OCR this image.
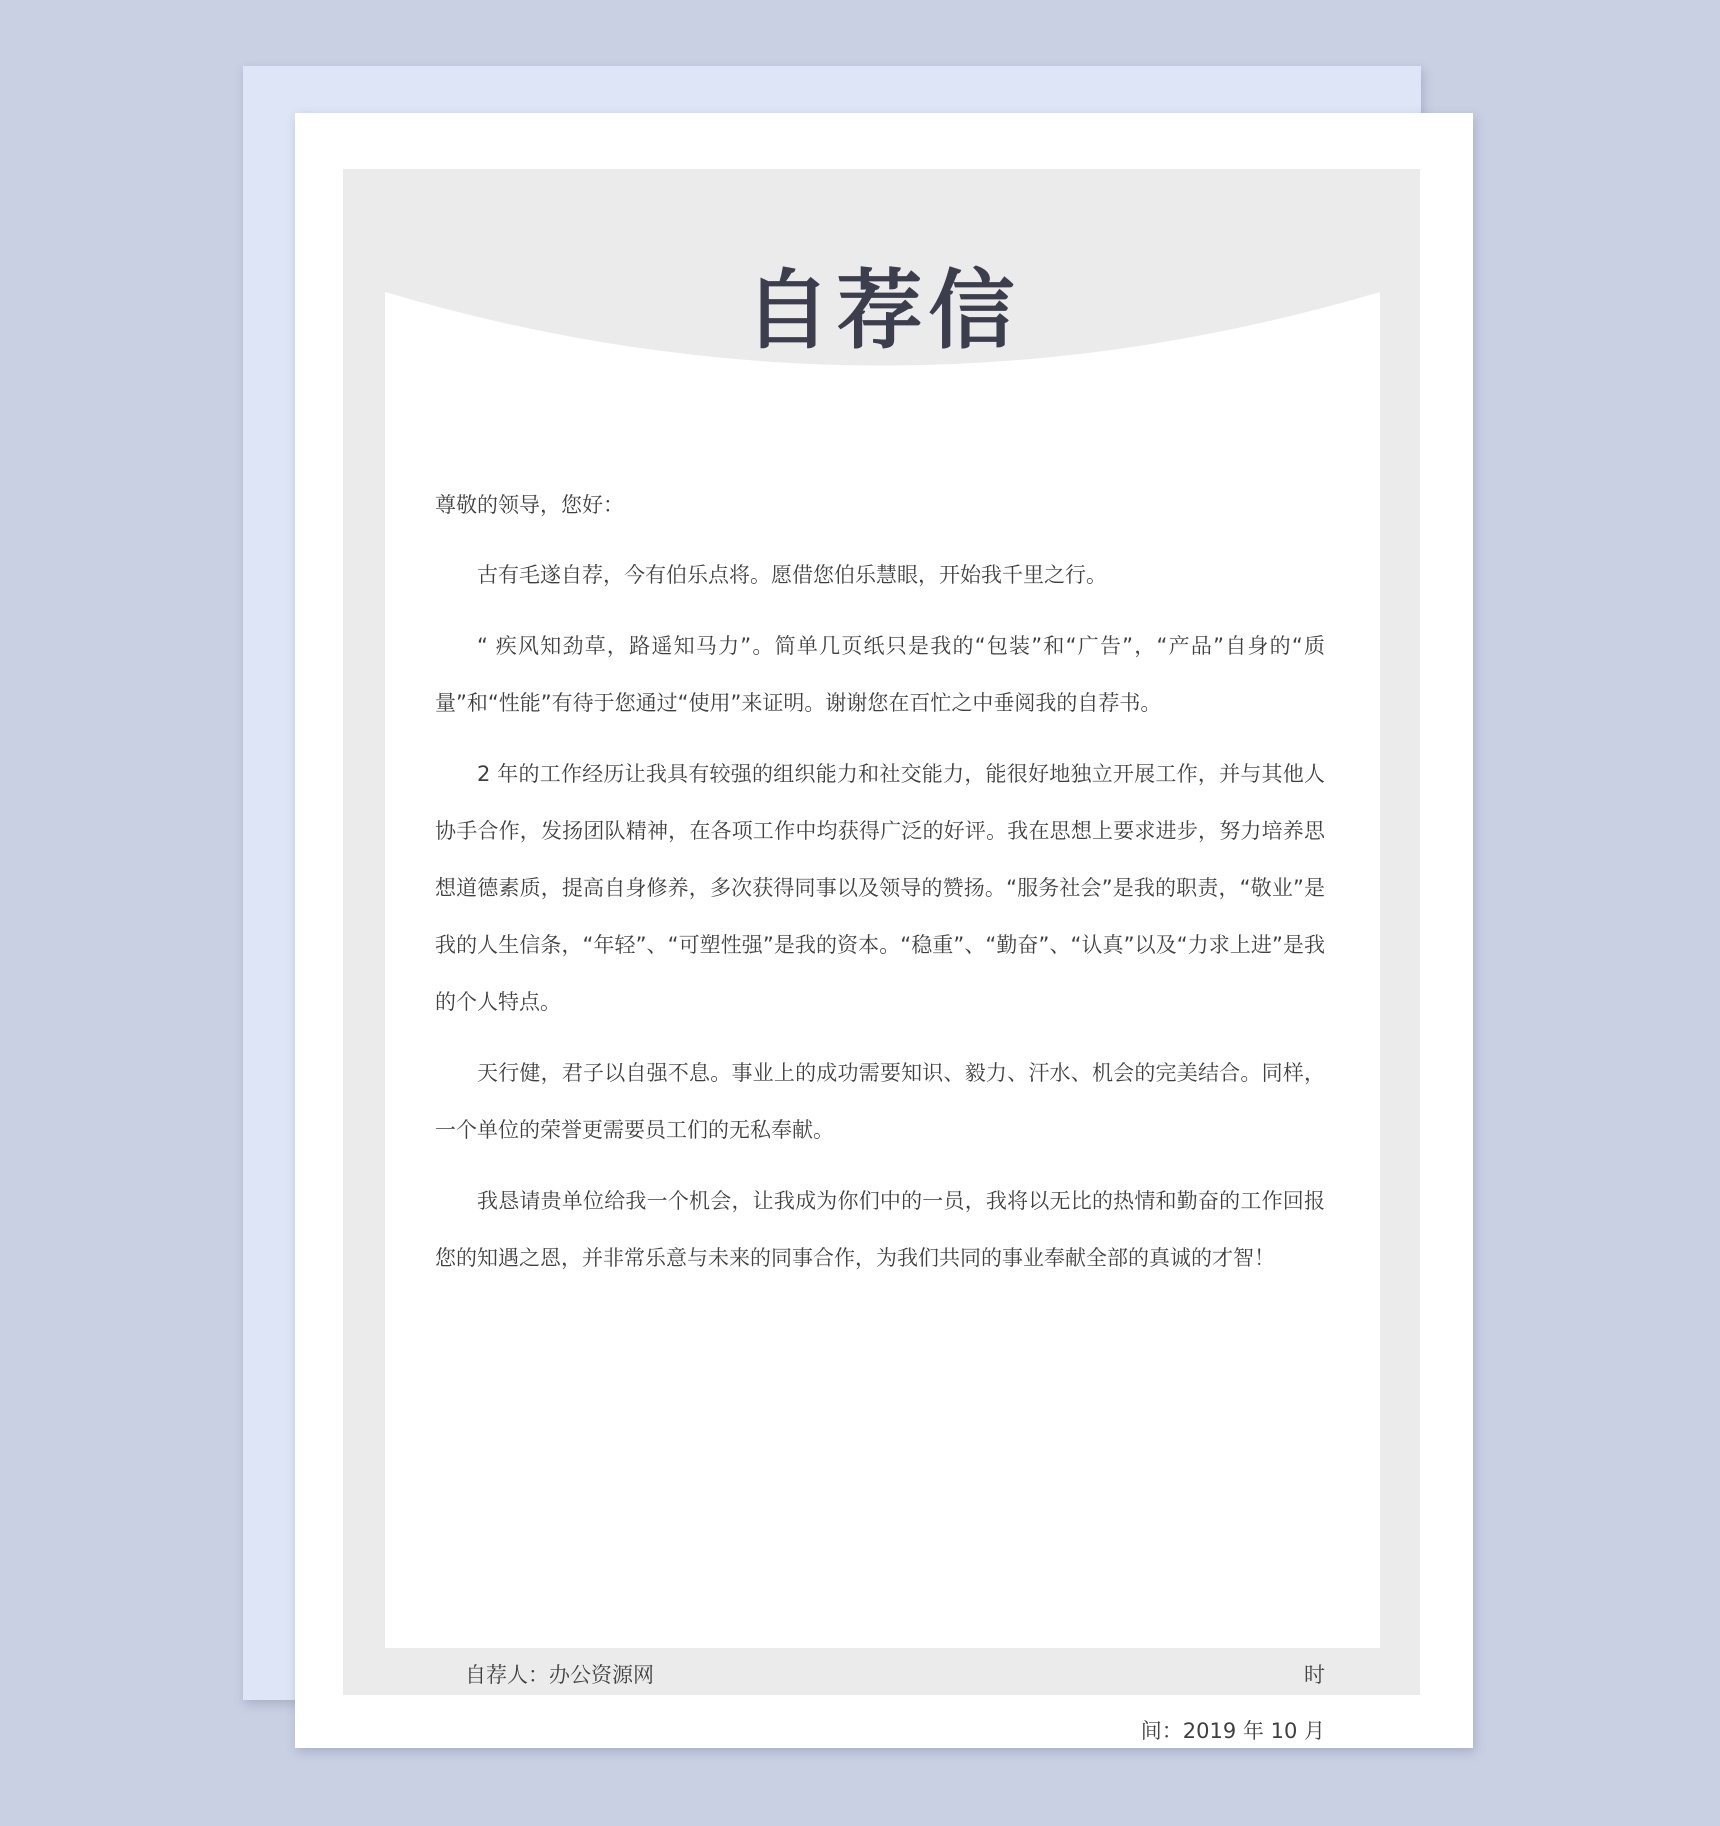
自荐信

尊敬的领导，您好：

古有毛遂自荐，今有伯乐点将。愿借您伯乐慧眼，开始我千里之行。

“ 疾风知劲草，路遥知马力”。简单几页纸只是我的“包装”和“广告”，“产品”自身的“质量”和“性能”有待于您通过“使用”来证明。谢谢您在百忙之中垂阅我的自荐书。

2 年的工作经历让我具有较强的组织能力和社交能力，能很好地独立开展工作，并与其他人协手合作，发扬团队精神，在各项工作中均获得广泛的好评。我在思想上要求进步，努力培养思想道德素质，提高自身修养，多次获得同事以及领导的赞扬。“服务社会”是我的职责，“敬业”是我的人生信条，“年轻”、“可塑性强”是我的资本。“稳重”、“勤奋”、“认真”以及“力求上进”是我的个人特点。

天行健，君子以自强不息。事业上的成功需要知识、毅力、汗水、机会的完美结合。同样，一个单位的荣誉更需要员工们的无私奉献。

我恳请贵单位给我一个机会，让我成为你们中的一员，我将以无比的热情和勤奋的工作回报您的知遇之恩，并非常乐意与未来的同事合作，为我们共同的事业奉献全部的真诚的才智！

自荐人：办公资源网	时
间：2019 年 10 月
